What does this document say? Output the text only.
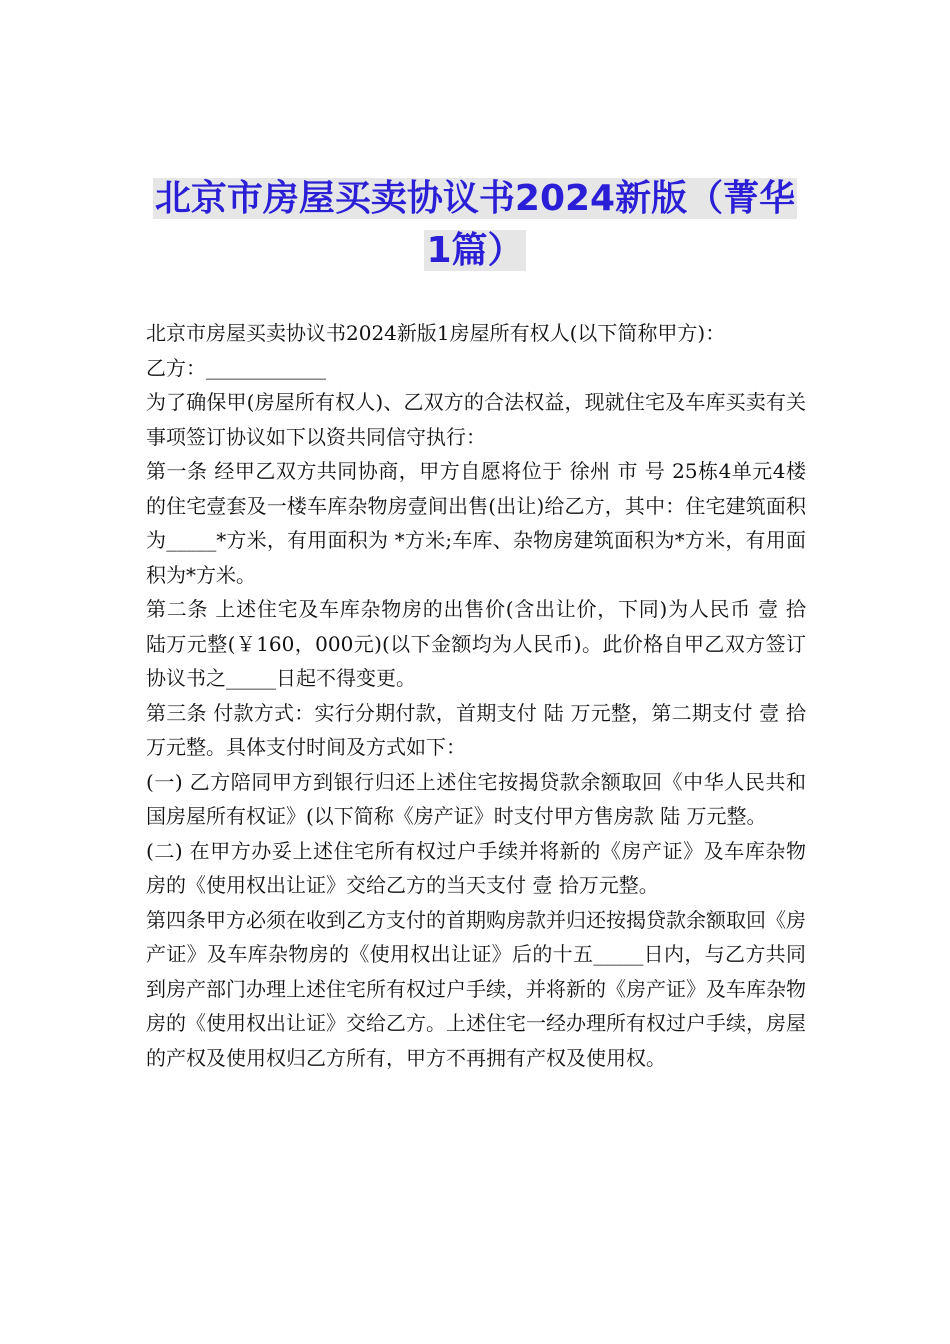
北京市房屋买卖协议书2024新版（菁华1篇）

北京市房屋买卖协议书2024新版1房屋所有权人(以下简称甲方)：

乙方：____________

为了确保甲(房屋所有权人)、乙双方的合法权益，现就住宅及车库买卖有关事项签订协议如下以资共同信守执行：

第一条 经甲乙双方共同协商，甲方自愿将位于 徐州 市 号 25栋4单元4楼的住宅壹套及一楼车库杂物房壹间出售(出让)给乙方，其中：住宅建筑面积为_____*方米，有用面积为 *方米;车库、杂物房建筑面积为*方米，有用面积为*方米。

第二条 上述住宅及车库杂物房的出售价(含出让价，下同)为人民币 壹 拾 陆万元整(￥160，000元)(以下金额均为人民币)。此价格自甲乙双方签订协议书之_____日起不得变更。

第三条 付款方式：实行分期付款，首期支付 陆 万元整，第二期支付 壹 拾万元整。具体支付时间及方式如下：

(一) 乙方陪同甲方到银行归还上述住宅按揭贷款余额取回《中华人民共和国房屋所有权证》(以下简称《房产证》时支付甲方售房款 陆 万元整。

(二) 在甲方办妥上述住宅所有权过户手续并将新的《房产证》及车库杂物房的《使用权出让证》交给乙方的当天支付 壹 拾万元整。

第四条甲方必须在收到乙方支付的首期购房款并归还按揭贷款余额取回《房产证》及车库杂物房的《使用权出让证》后的十五_____日内，与乙方共同到房产部门办理上述住宅所有权过户手续，并将新的《房产证》及车库杂物房的《使用权出让证》交给乙方。上述住宅一经办理所有权过户手续，房屋的产权及使用权归乙方所有，甲方不再拥有产权及使用权。
